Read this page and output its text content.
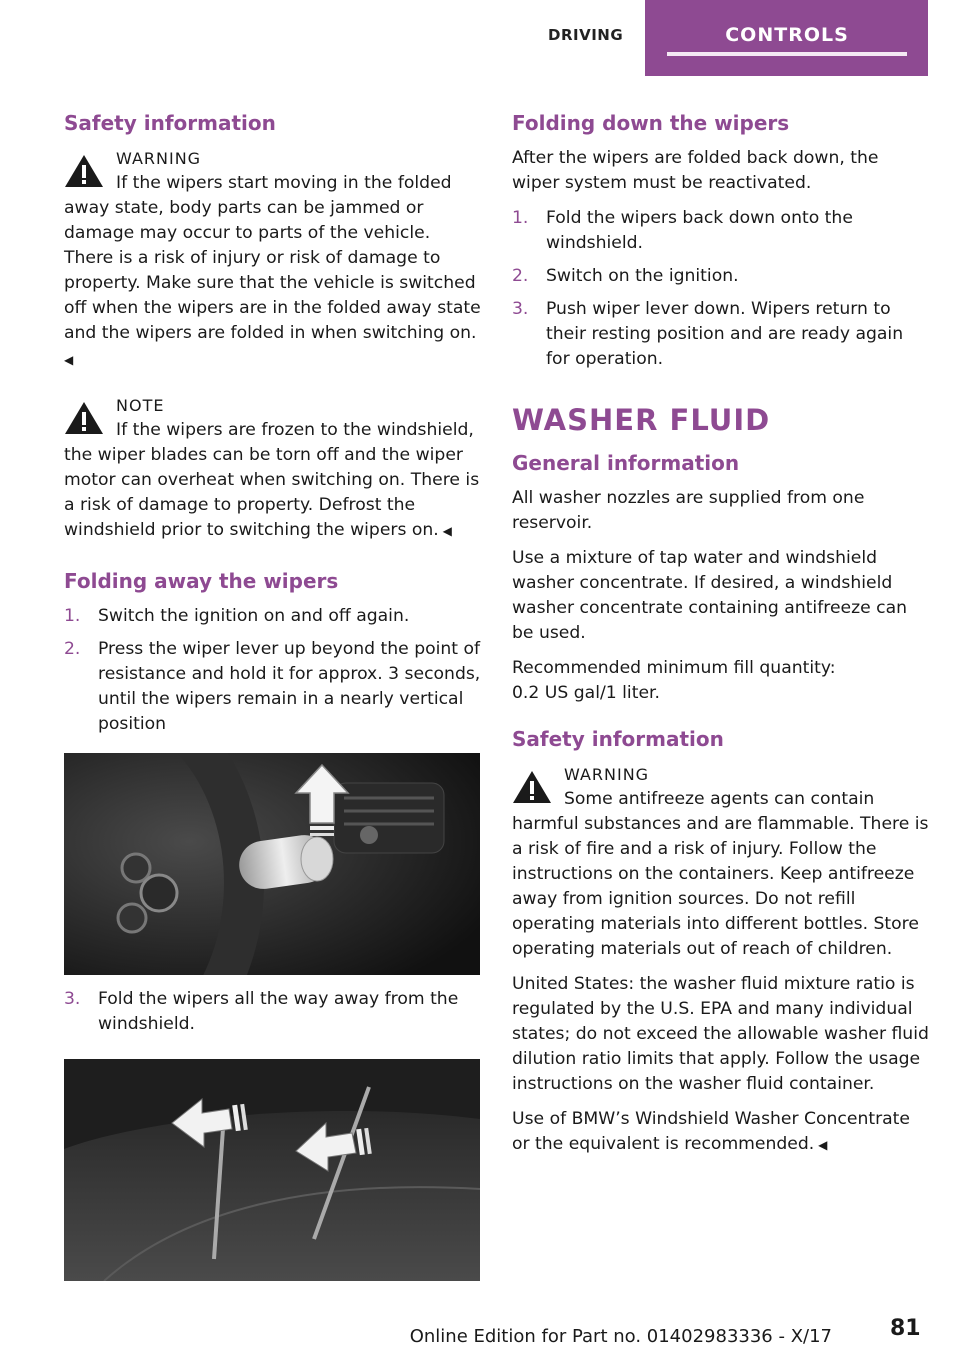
DRIVING	CONTROLS
Safety information
WARNING
If the wipers start moving in the folded
away state, body parts can be jammed or damage may occur to parts of the vehicle. There is a risk of injury or risk of damage to property. Make sure that the vehicle is switched off when the wipers are in the folded away state and the wipers are folded in when switching on. ◀
NOTE
If the wipers are frozen to the windshield,
the wiper blades can be torn off and the wiper motor can overheat when switching on. There is a risk of damage to property. Defrost the windshield prior to switching the wipers on. ◀
Folding away the wipers
1. Switch the ignition on and off again.
2. Press the wiper lever up beyond the point of resistance and hold it for approx. 3 seconds, until the wipers remain in a nearly vertical position
3. Fold the wipers all the way away from the windshield.
Folding down the wipers

After the wipers are folded back down, the wiper system must be reactivated.

1. Fold the wipers back down onto the windshield.
2. Switch on the ignition.
3. Push wiper lever down. Wipers return to their resting position and are ready again for operation.
WASHER FLUID
General information

All washer nozzles are supplied from one reservoir.

Use a mixture of tap water and windshield washer concentrate. If desired, a windshield washer concentrate containing antifreeze can be used.

Recommended minimum fill quantity:
0.2 US gal/1 liter.

Safety information
WARNING
Some antifreeze agents can contain
harmful substances and are flammable. There is a risk of fire and a risk of injury. Follow the instructions on the containers. Keep antifreeze away from ignition sources. Do not refill operating materials into different bottles. Store operating materials out of reach of children.

United States: the washer fluid mixture ratio is regulated by the U.S. EPA and many individual states; do not exceed the allowable washer fluid dilution ratio limits that apply. Follow the usage instructions on the washer fluid container.

Use of BMW’s Windshield Washer Concentrate or the equivalent is recommended. ◀

Online Edition for Part no. 01402983336 - X/17	81
